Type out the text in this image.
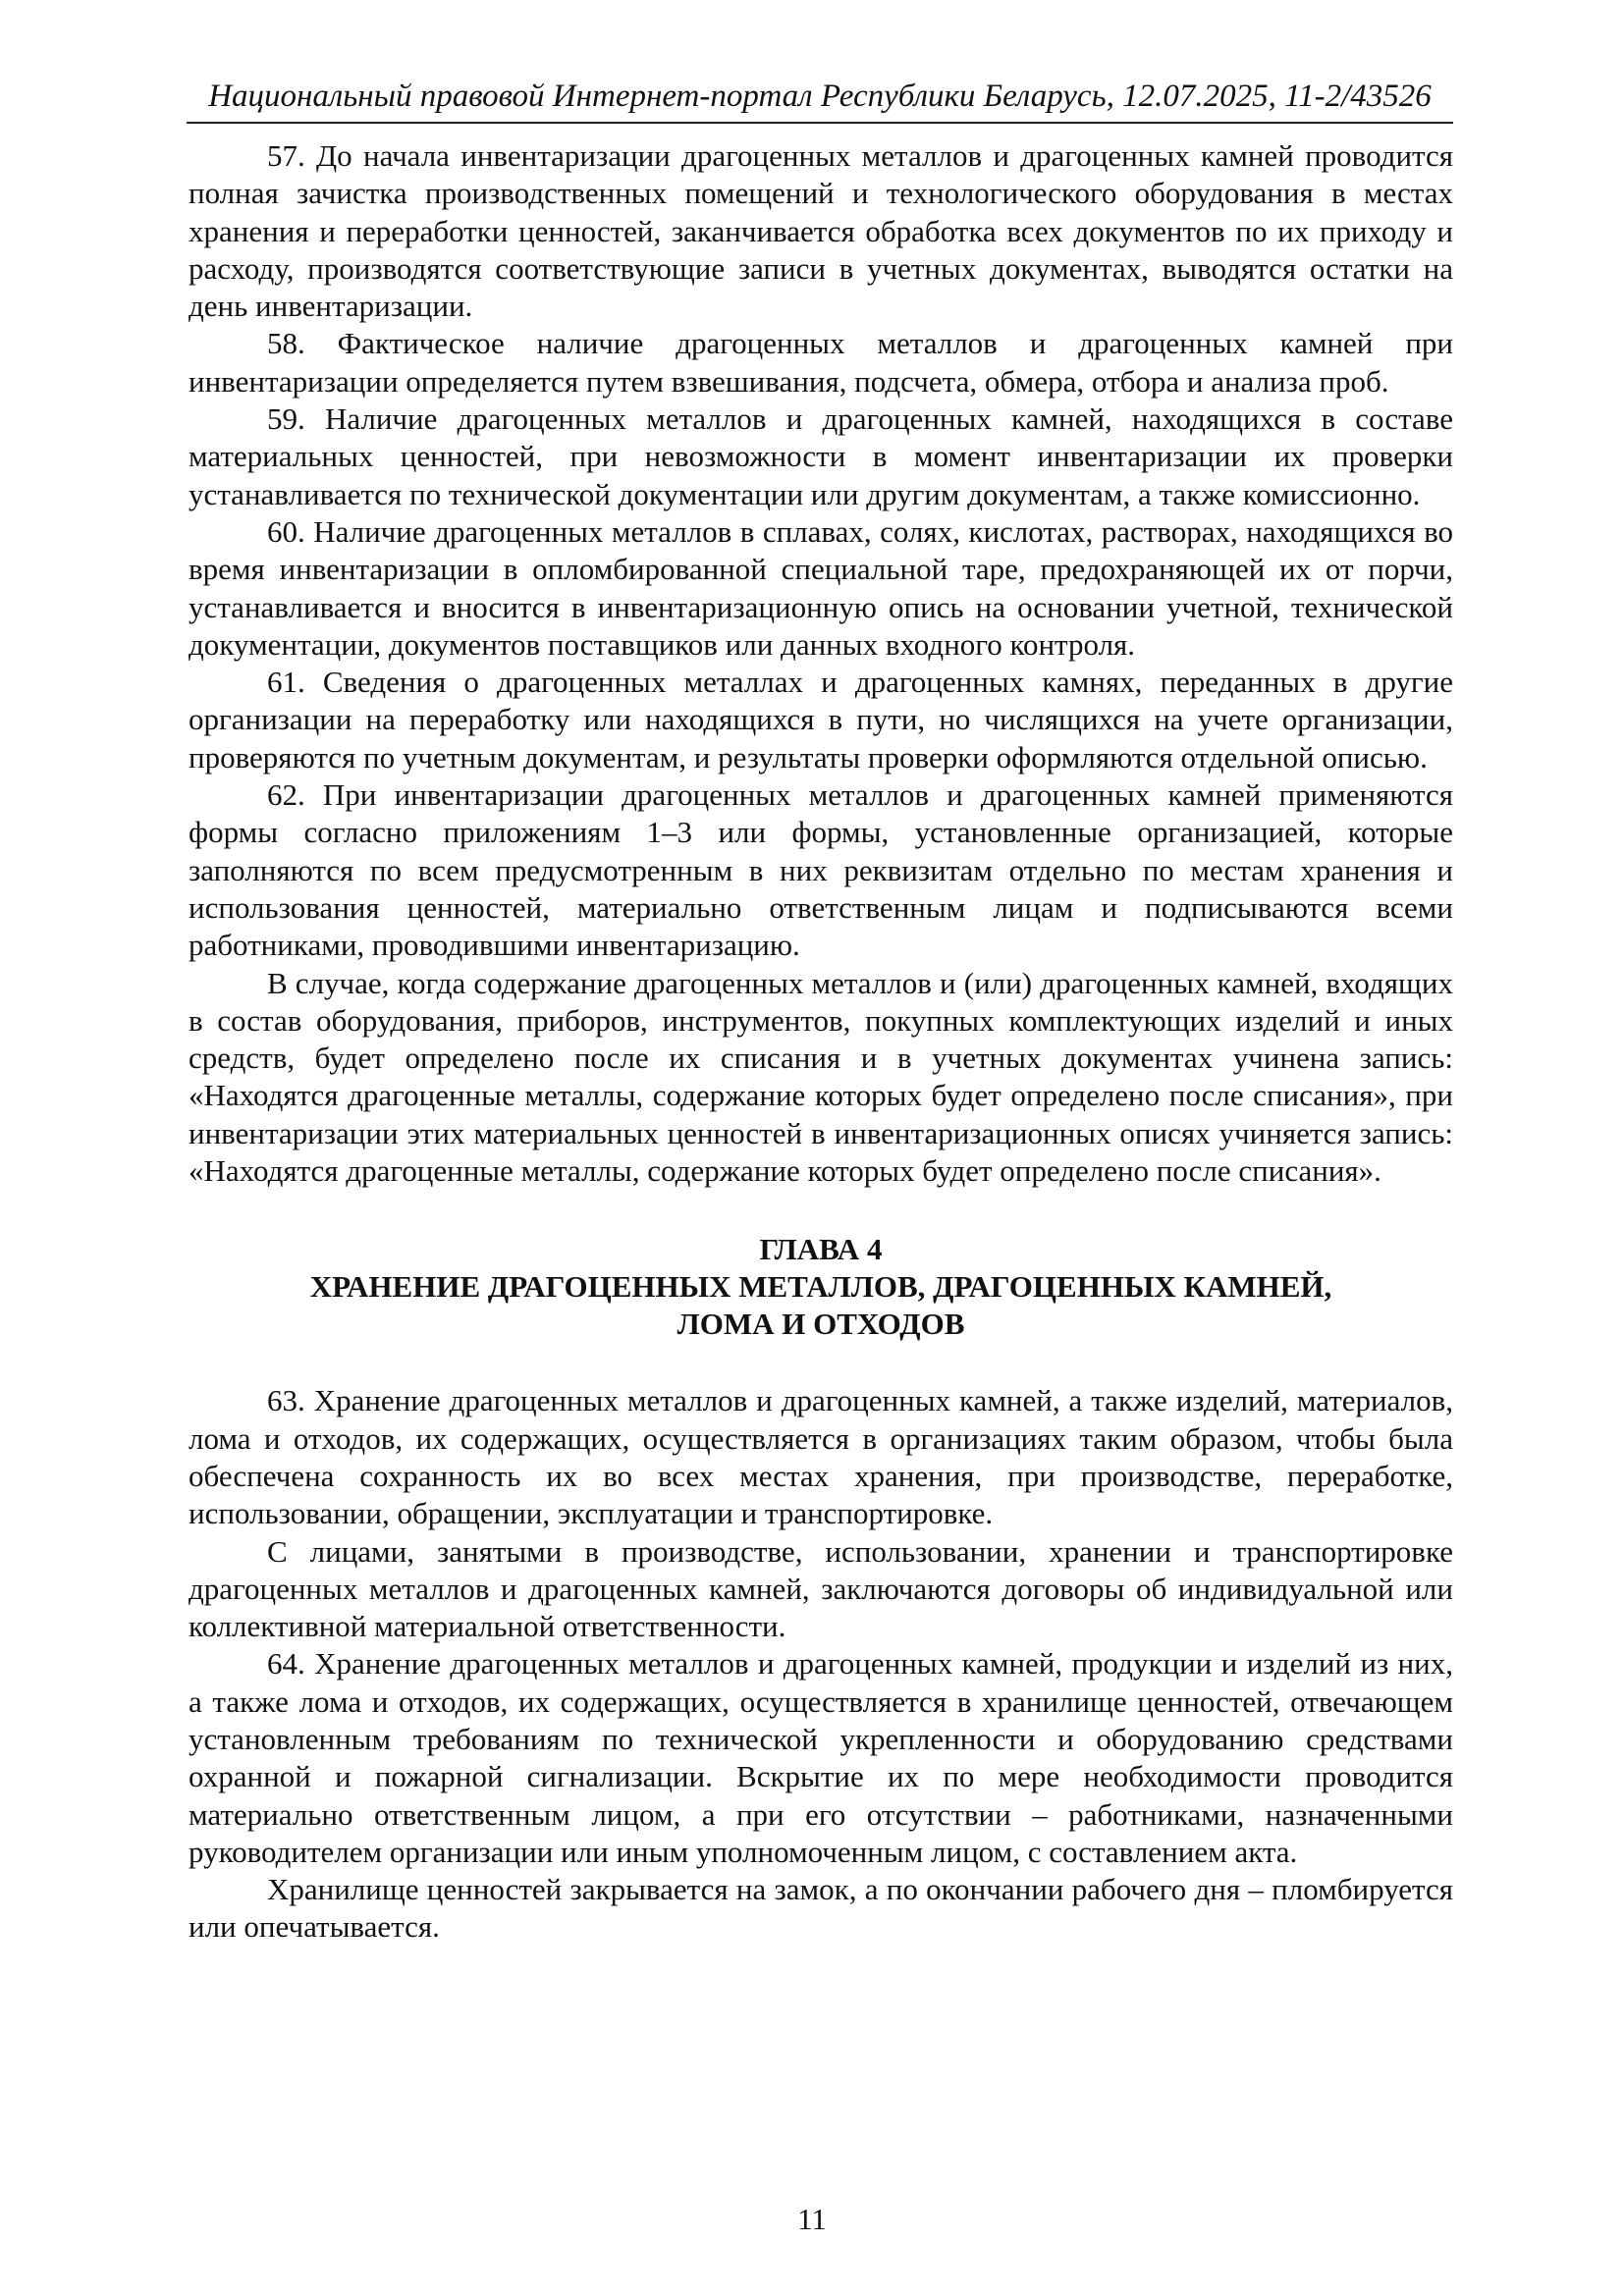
Национальный правовой Интернет-портал Республики Беларусь, 12.07.2025, 11-2/43526

57. До начала инвентаризации драгоценных металлов и драгоценных камней проводится полная зачистка производственных помещений и технологического оборудования в местах хранения и переработки ценностей, заканчивается обработка всех документов по их приходу и расходу, производятся соответствующие записи в учетных документах, выводятся остатки на день инвентаризации.

58. Фактическое наличие драгоценных металлов и драгоценных камней при инвентаризации определяется путем взвешивания, подсчета, обмера, отбора и анализа проб.

59. Наличие драгоценных металлов и драгоценных камней, находящихся в составе материальных ценностей, при невозможности в момент инвентаризации их проверки устанавливается по технической документации или другим документам, а также комиссионно.

60. Наличие драгоценных металлов в сплавах, солях, кислотах, растворах, находящихся во время инвентаризации в опломбированной специальной таре, предохраняющей их от порчи, устанавливается и вносится в инвентаризационную опись на основании учетной, технической документации, документов поставщиков или данных входного контроля.

61. Сведения о драгоценных металлах и драгоценных камнях, переданных в другие организации на переработку или находящихся в пути, но числящихся на учете организации, проверяются по учетным документам, и результаты проверки оформляются отдельной описью.

62. При инвентаризации драгоценных металлов и драгоценных камней применяются формы согласно приложениям 1–3 или формы, установленные организацией, которые заполняются по всем предусмотренным в них реквизитам отдельно по местам хранения и использования ценностей, материально ответственным лицам и подписываются всеми работниками, проводившими инвентаризацию.

В случае, когда содержание драгоценных металлов и (или) драгоценных камней, входящих в состав оборудования, приборов, инструментов, покупных комплектующих изделий и иных средств, будет определено после их списания и в учетных документах учинена запись: «Находятся драгоценные металлы, содержание которых будет определено после списания», при инвентаризации этих материальных ценностей в инвентаризационных описях учиняется запись: «Находятся драгоценные металлы, содержание которых будет определено после списания».

ГЛАВА 4
ХРАНЕНИЕ ДРАГОЦЕННЫХ МЕТАЛЛОВ, ДРАГОЦЕННЫХ КАМНЕЙ,
ЛОМА И ОТХОДОВ

63. Хранение драгоценных металлов и драгоценных камней, а также изделий, материалов, лома и отходов, их содержащих, осуществляется в организациях таким образом, чтобы была обеспечена сохранность их во всех местах хранения, при производстве, переработке, использовании, обращении, эксплуатации и транспортировке.

С лицами, занятыми в производстве, использовании, хранении и транспортировке драгоценных металлов и драгоценных камней, заключаются договоры об индивидуальной или коллективной материальной ответственности.

64. Хранение драгоценных металлов и драгоценных камней, продукции и изделий из них, а также лома и отходов, их содержащих, осуществляется в хранилище ценностей, отвечающем установленным требованиям по технической укрепленности и оборудованию средствами охранной и пожарной сигнализации. Вскрытие их по мере необходимости проводится материально ответственным лицом, а при его отсутствии – работниками, назначенными руководителем организации или иным уполномоченным лицом, с составлением акта.

Хранилище ценностей закрывается на замок, а по окончании рабочего дня – пломбируется или опечатывается.

11
